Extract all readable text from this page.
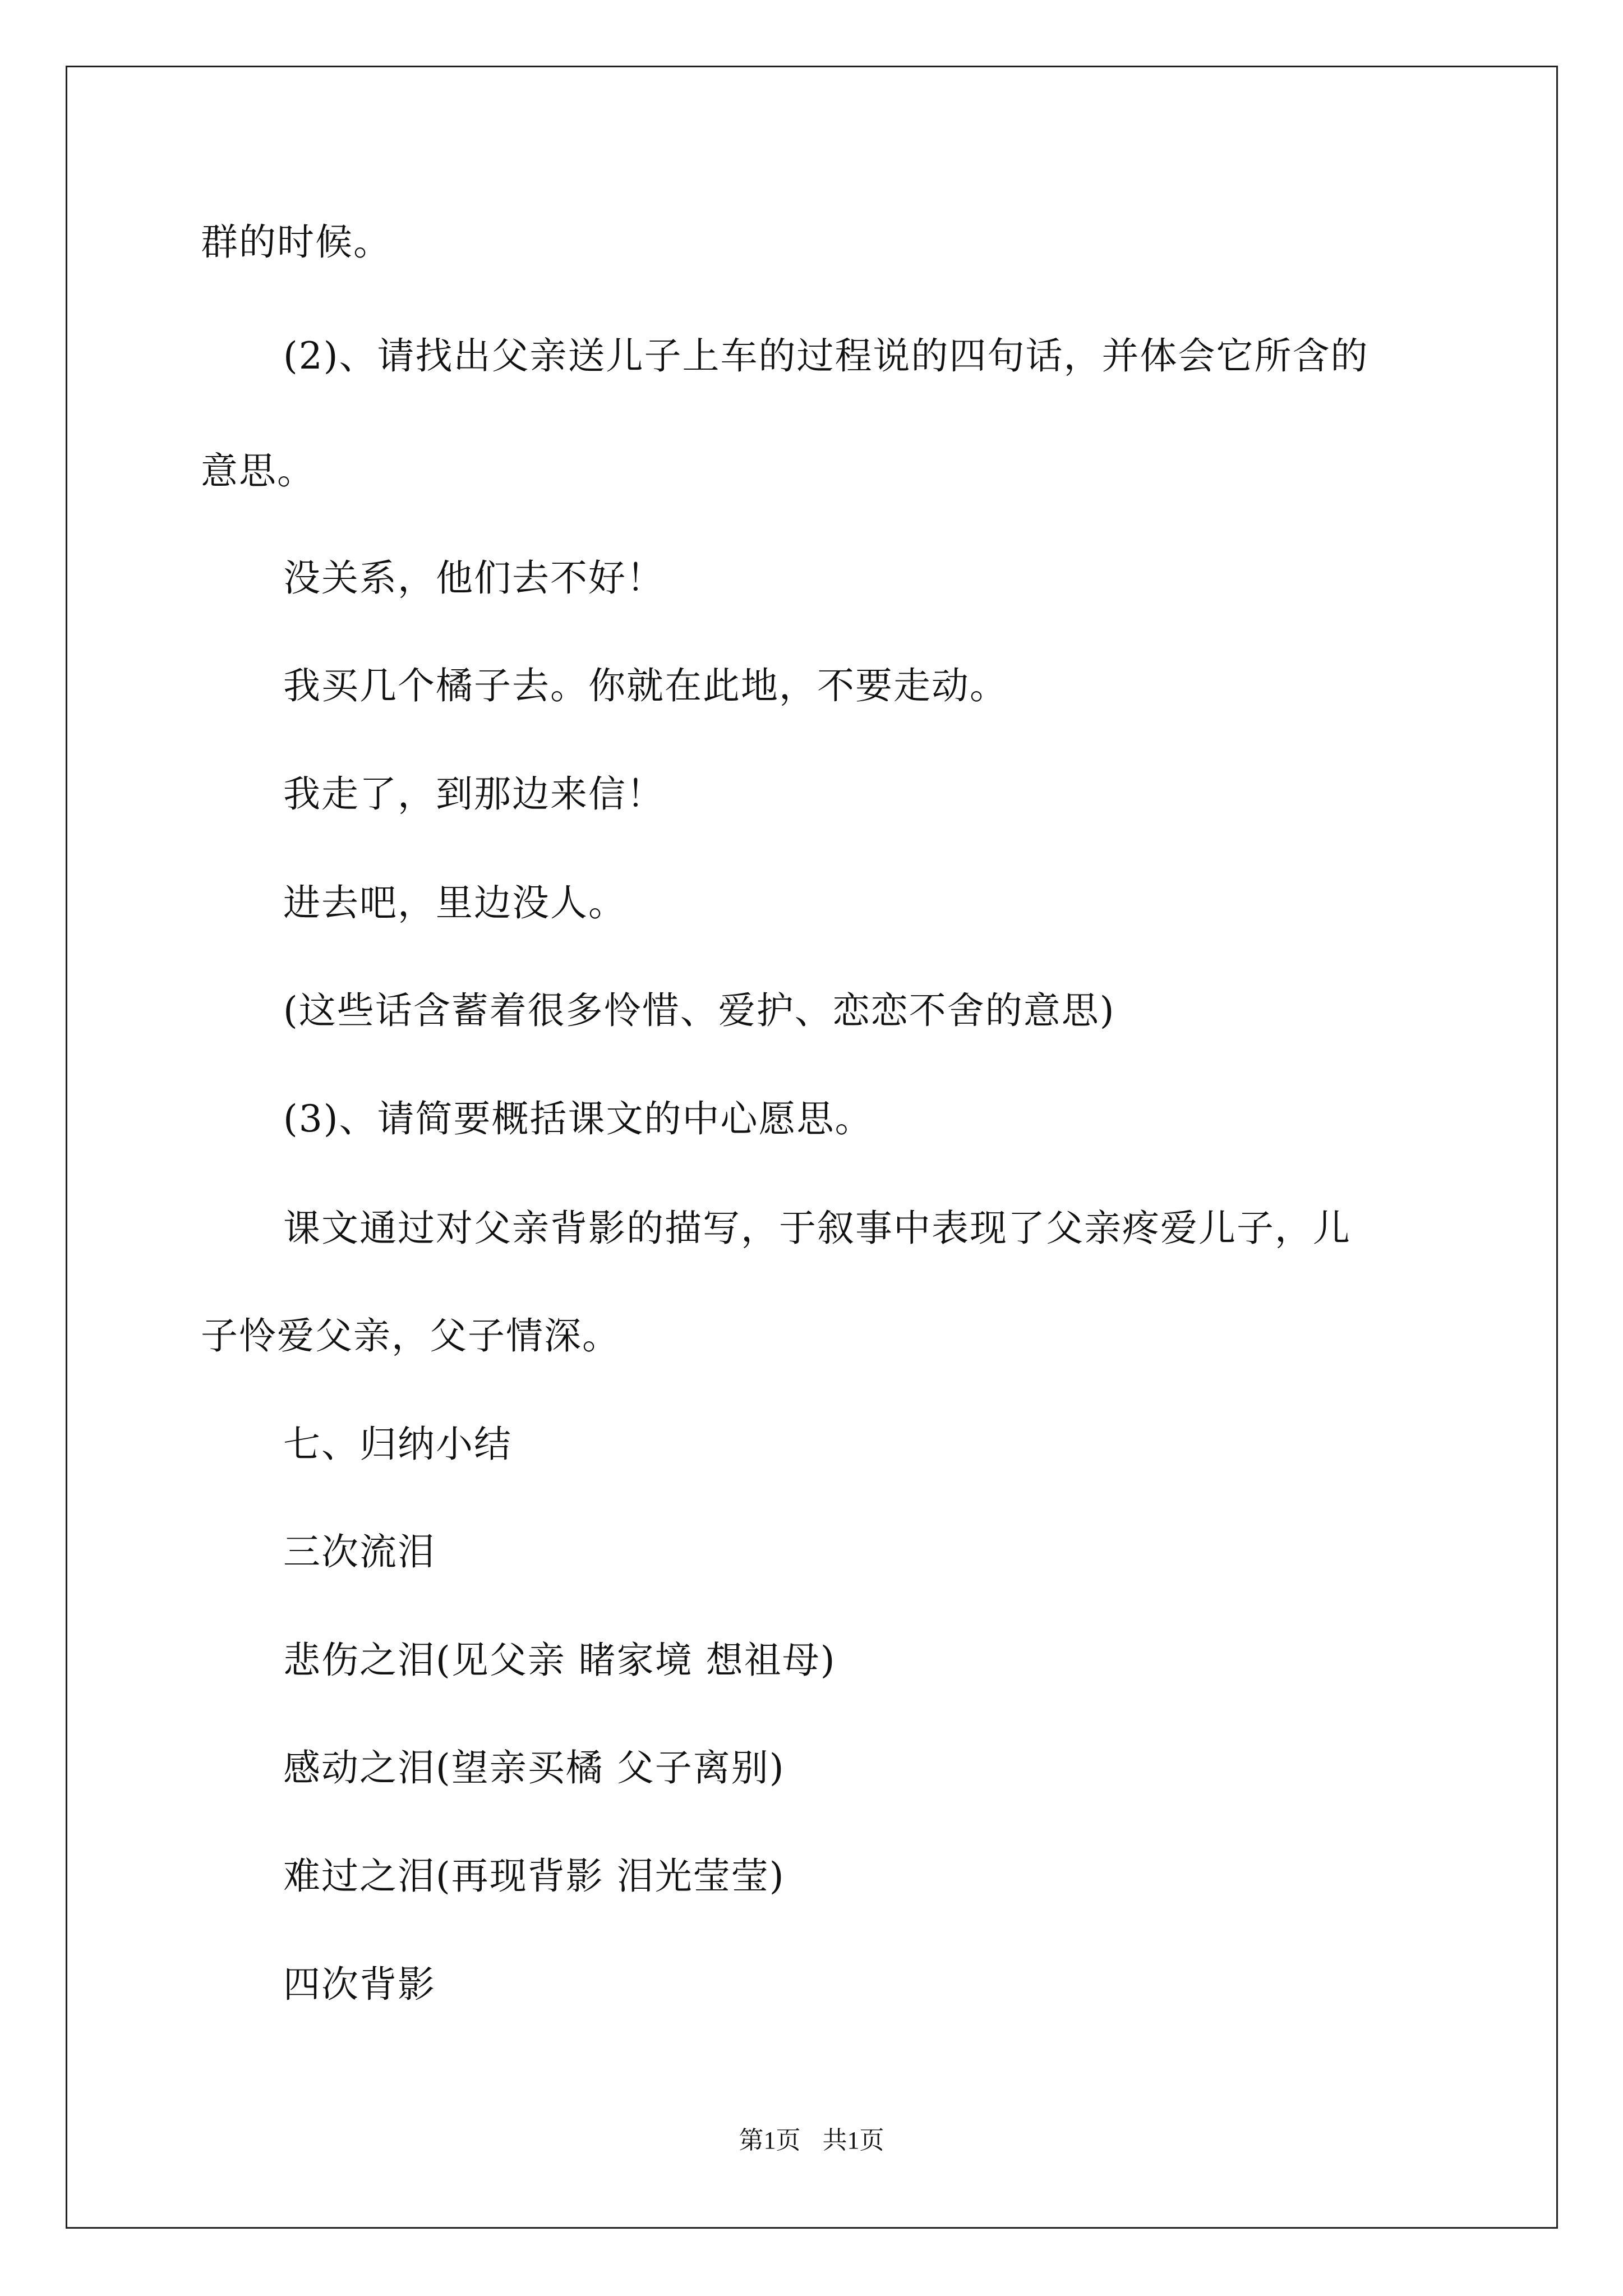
群的时候。
(2)、请找出父亲送儿子上车的过程说的四句话，并体会它所含的
意思。
没关系，他们去不好！
我买几个橘子去。你就在此地，不要走动。
我走了，到那边来信！
进去吧，里边没人。
(这些话含蓄着很多怜惜、爱护、恋恋不舍的意思)
(3)、请简要概括课文的中心愿思。
课文通过对父亲背影的描写，于叙事中表现了父亲疼爱儿子，儿
子怜爱父亲，父子情深。
七、归纳小结
三次流泪
悲伤之泪(见父亲 睹家境 想祖母)
感动之泪(望亲买橘 父子离别)
难过之泪(再现背影 泪光莹莹)
四次背影
第1页 共1页
